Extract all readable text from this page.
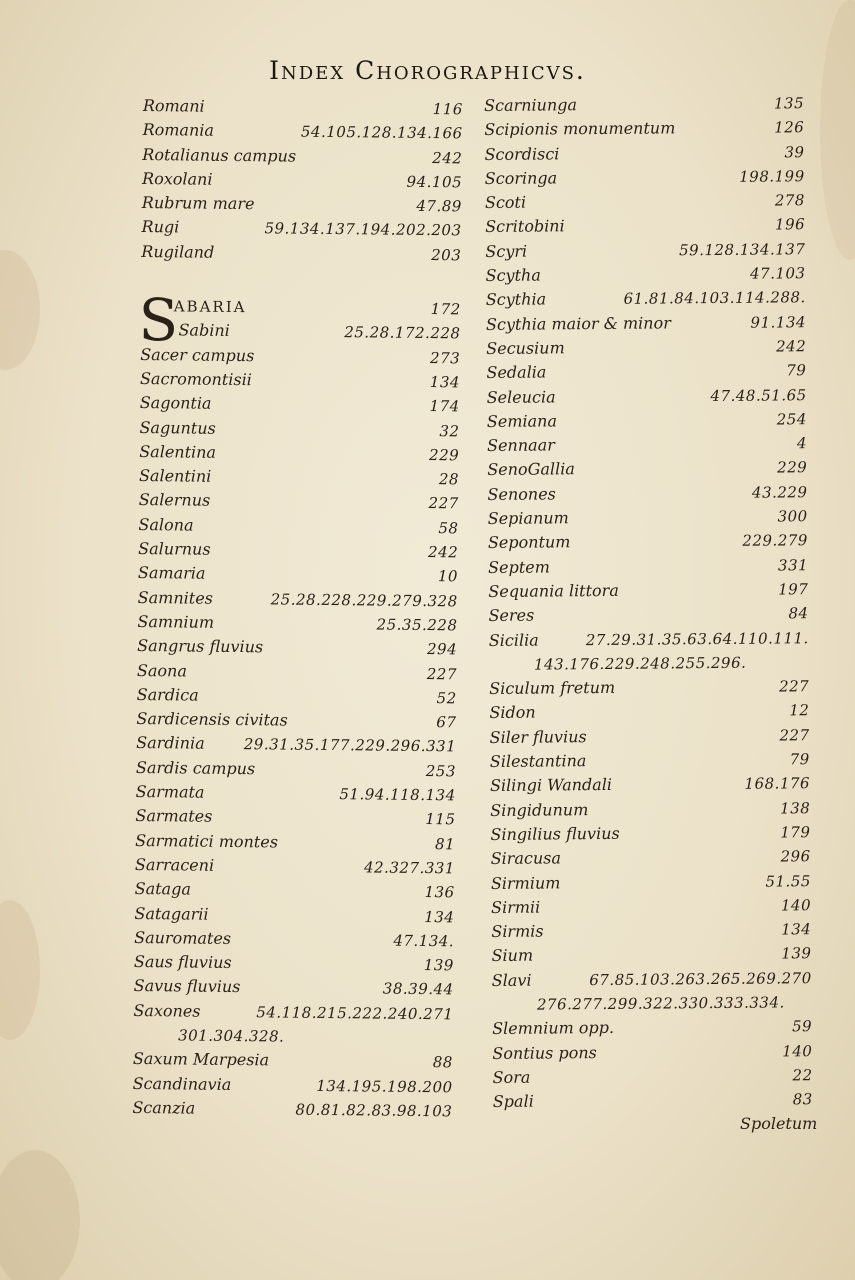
Index Chorographicvs.
Romani	116
Romania	54.105.128.134.166
Rotalianus campus	242
Roxolani	94.105
Rubrum mare	47.89
Rugi	59.134.137.194.202.203
Rugiland	203
S
ABARIA	172
Sabini	25.28.172.228
Sacer campus	273
Sacromontisii	134
Sagontia	174
Saguntus	32
Salentina	229
Salentini	28
Salernus	227
Salona	58
Salurnus	242
Samaria	10
Samnites	25.28.228.229.279.328
Samnium	25.35.228
Sangrus fluvius	294
Saona	227
Sardica	52
Sardicensis civitas	67
Sardinia	29.31.35.177.229.296.331
Sardis campus	253
Sarmata	51.94.118.134
Sarmates	115
Sarmatici montes	81
Sarraceni	42.327.331
Sataga	136
Satagarii	134
Sauromates	47.134.
Saus fluvius	139
Savus fluvius	38.39.44
Saxones	54.118.215.222.240.271
301.304.328.
Saxum Marpesia	88
Scandinavia	134.195.198.200
Scanzia	80.81.82.83.98.103
Scarniunga	135
Scipionis monumentum	126
Scordisci	39
Scoringa	198.199
Scoti	278
Scritobini	196
Scyri	59.128.134.137
Scytha	47.103
Scythia	61.81.84.103.114.288.
Scythia maior & minor	91.134
Secusium	242
Sedalia	79
Seleucia	47.48.51.65
Semiana	254
Sennaar	4
SenoGallia	229
Senones	43.229
Sepianum	300
Sepontum	229.279
Septem	331
Sequania littora	197
Seres	84
Sicilia	27.29.31.35.63.64.110.111.
143.176.229.248.255.296.
Siculum fretum	227
Sidon	12
Siler fluvius	227
Silestantina	79
Silingi Wandali	168.176
Singidunum	138
Singilius fluvius	179
Siracusa	296
Sirmium	51.55
Sirmii	140
Sirmis	134
Sium	139
Slavi	67.85.103.263.265.269.270
276.277.299.322.330.333.334.
Slemnium opp.	59
Sontius pons	140
Sora	22
Spali	83
Spoletum
